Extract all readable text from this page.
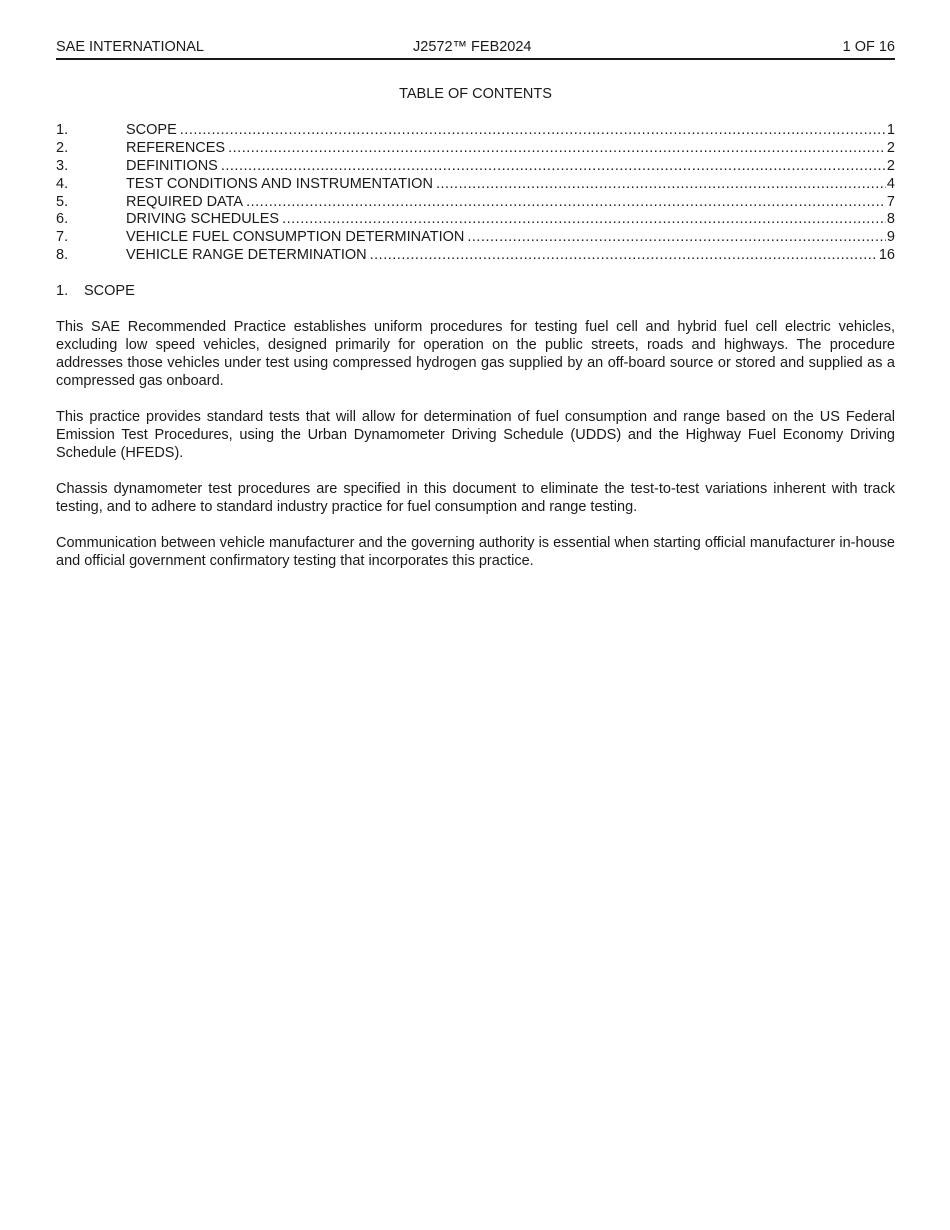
SAE INTERNATIONAL	J2572™ FEB2024	1 OF 16
TABLE OF CONTENTS
1.	SCOPE .....	1
2.	REFERENCES .....	2
3.	DEFINITIONS .....	2
4.	TEST CONDITIONS AND INSTRUMENTATION .....	4
5.	REQUIRED DATA .....	7
6.	DRIVING SCHEDULES .....	8
7.	VEHICLE FUEL CONSUMPTION DETERMINATION .....	9
8.	VEHICLE RANGE DETERMINATION .....	16
1. SCOPE

This SAE Recommended Practice establishes uniform procedures for testing fuel cell and hybrid fuel cell electric vehicles, excluding low speed vehicles, designed primarily for operation on the public streets, roads and highways. The procedure addresses those vehicles under test using compressed hydrogen gas supplied by an off-board source or stored and supplied as a compressed gas onboard.

This practice provides standard tests that will allow for determination of fuel consumption and range based on the US Federal Emission Test Procedures, using the Urban Dynamometer Driving Schedule (UDDS) and the Highway Fuel Economy Driving Schedule (HFEDS).

Chassis dynamometer test procedures are specified in this document to eliminate the test-to-test variations inherent with track testing, and to adhere to standard industry practice for fuel consumption and range testing.

Communication between vehicle manufacturer and the governing authority is essential when starting official manufacturer in-house and official government confirmatory testing that incorporates this practice.
